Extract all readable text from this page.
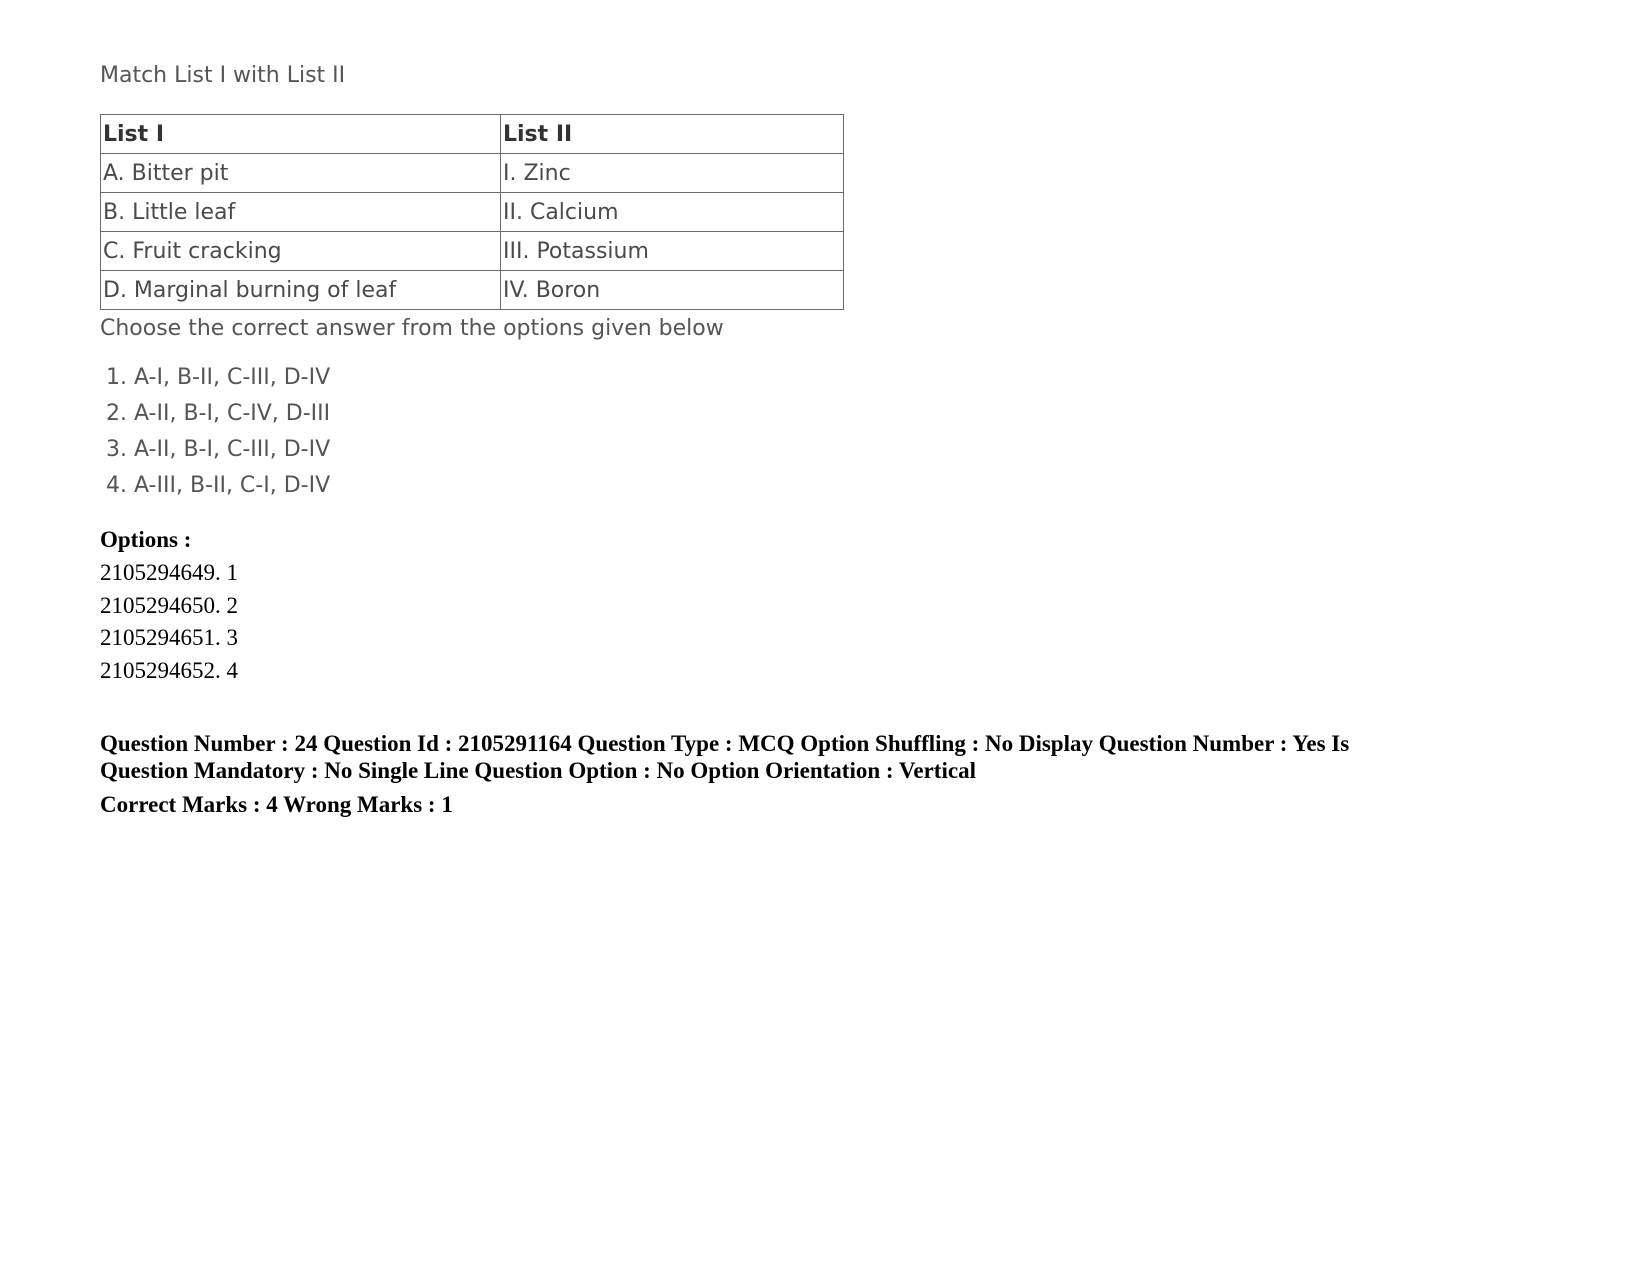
Match List I with List II
List I	List II
A. Bitter pit	I. Zinc
B. Little leaf	II. Calcium
C. Fruit cracking	III. Potassium
D. Marginal burning of leaf	IV. Boron
Choose the correct answer from the options given below
1. A-I, B-II, C-III, D-IV
2. A-II, B-I, C-IV, D-III
3. A-II, B-I, C-III, D-IV
4. A-III, B-II, C-I, D-IV
Options :
2105294649. 1
2105294650. 2
2105294651. 3
2105294652. 4
Question Number : 24 Question Id : 2105291164 Question Type : MCQ Option Shuffling : No Display Question Number : Yes Is Question Mandatory : No Single Line Question Option : No Option Orientation : Vertical
Correct Marks : 4 Wrong Marks : 1
